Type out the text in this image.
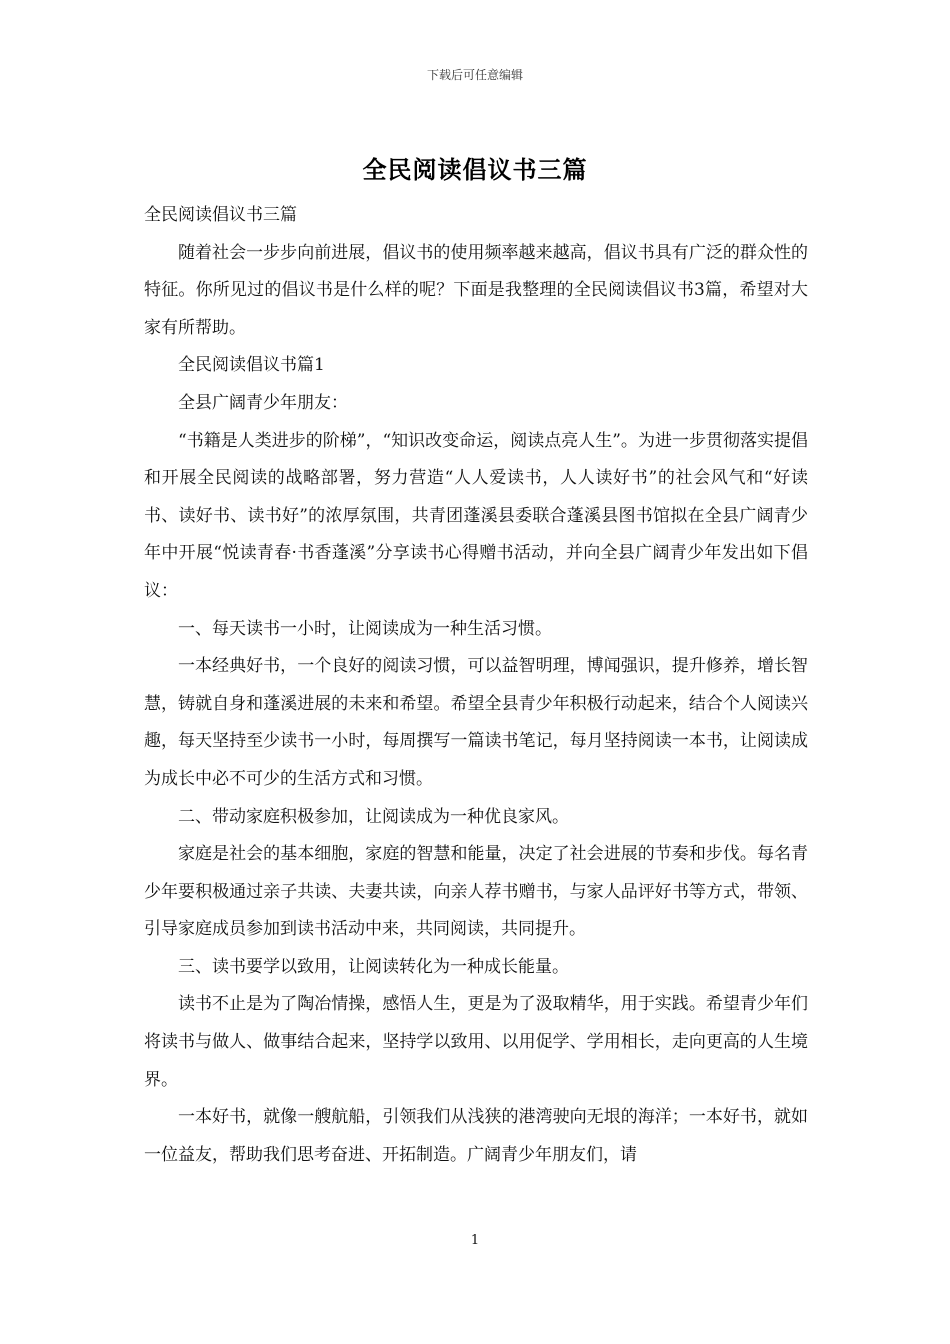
下载后可任意编辑
全民阅读倡议书三篇

全民阅读倡议书三篇

随着社会一步步向前进展，倡议书的使用频率越来越高，倡议书具有广泛的群众性的特征。你所见过的倡议书是什么样的呢？下面是我整理的全民阅读倡议书3篇，希望对大家有所帮助。

全民阅读倡议书篇1

全县广阔青少年朋友：

“书籍是人类进步的阶梯”，“知识改变命运，阅读点亮人生”。为进一步贯彻落实提倡和开展全民阅读的战略部署，努力营造“人人爱读书，人人读好书”的社会风气和“好读书、读好书、读书好”的浓厚氛围，共青团蓬溪县委联合蓬溪县图书馆拟在全县广阔青少年中开展“悦读青春·书香蓬溪”分享读书心得赠书活动，并向全县广阔青少年发出如下倡议：

一、每天读书一小时，让阅读成为一种生活习惯。

一本经典好书，一个良好的阅读习惯，可以益智明理，博闻强识，提升修养，增长智慧，铸就自身和蓬溪进展的未来和希望。希望全县青少年积极行动起来，结合个人阅读兴趣，每天坚持至少读书一小时，每周撰写一篇读书笔记，每月坚持阅读一本书，让阅读成为成长中必不可少的生活方式和习惯。

二、带动家庭积极参加，让阅读成为一种优良家风。

家庭是社会的基本细胞，家庭的智慧和能量，决定了社会进展的节奏和步伐。每名青少年要积极通过亲子共读、夫妻共读，向亲人荐书赠书，与家人品评好书等方式，带领、引导家庭成员参加到读书活动中来，共同阅读，共同提升。

三、读书要学以致用，让阅读转化为一种成长能量。

读书不止是为了陶冶情操，感悟人生，更是为了汲取精华，用于实践。希望青少年们将读书与做人、做事结合起来，坚持学以致用、以用促学、学用相长，走向更高的人生境界。

一本好书，就像一艘航船，引领我们从浅狭的港湾驶向无垠的海洋；一本好书，就如一位益友，帮助我们思考奋进、开拓制造。广阔青少年朋友们，请

1
